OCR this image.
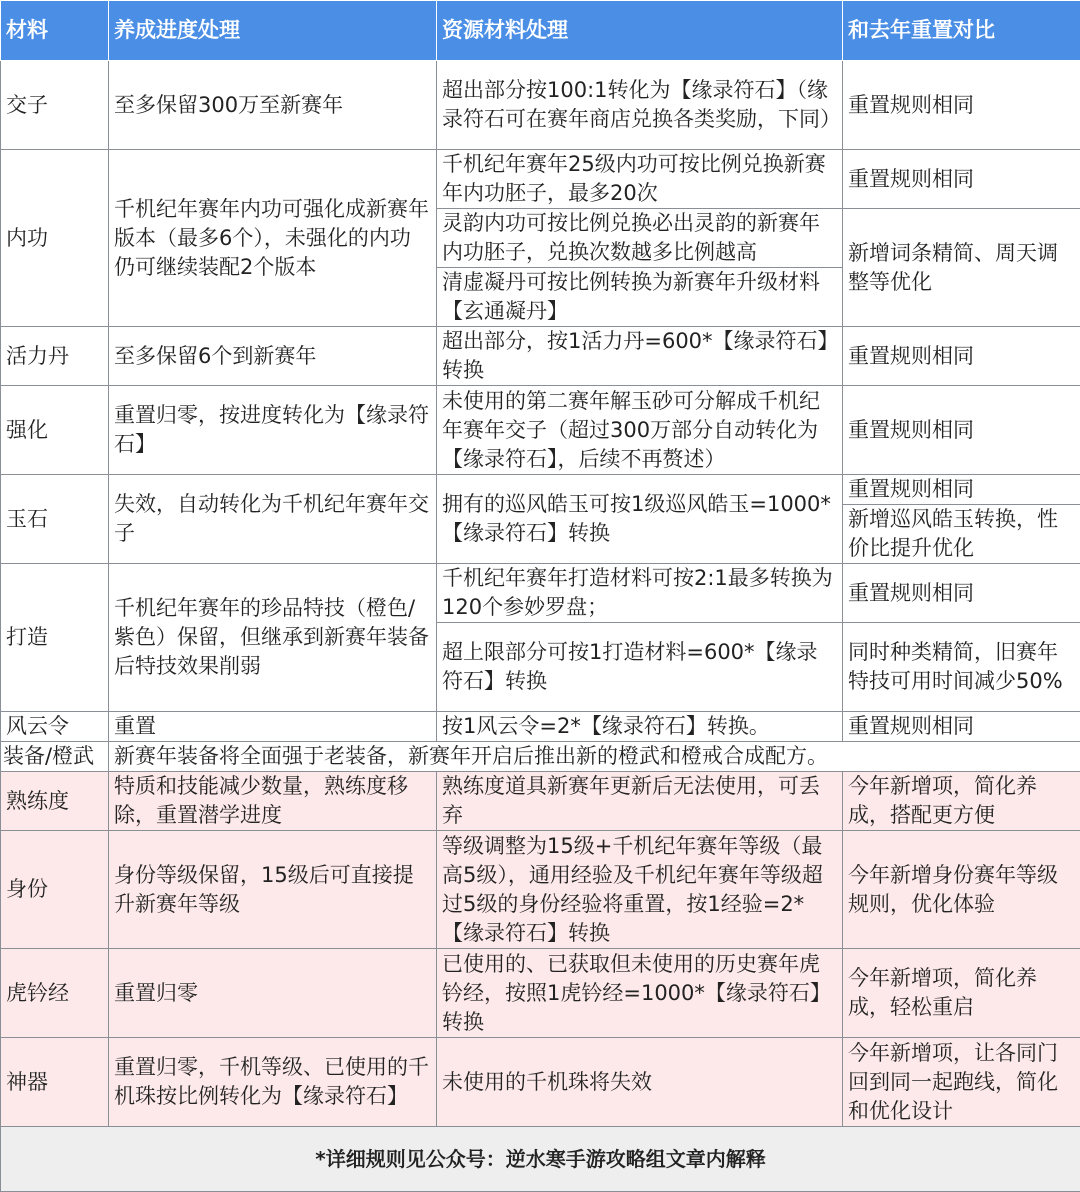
材料	养成进度处理	资源材料处理	和去年重置对比
交子	至多保留300万至新赛年	超出部分按100:1转化为【缘录符石】（缘录符石可在赛年商店兑换各类奖励，下同）	重置规则相同
内功	千机纪年赛年内功可强化成新赛年版本（最多6个），未强化的内功仍可继续装配2个版本	千机纪年赛年25级内功可按比例兑换新赛年内功胚子，最多20次	重置规则相同
		灵韵内功可按比例兑换必出灵韵的新赛年内功胚子，兑换次数越多比例越高	新增词条精简、周天调整等优化
		清虚凝丹可按比例转换为新赛年升级材料【玄通凝丹】	
活力丹	至多保留6个到新赛年	超出部分，按1活力丹=600*【缘录符石】转换	重置规则相同
强化	重置归零，按进度转化为【缘录符石】	未使用的第二赛年解玉砂可分解成千机纪年赛年交子（超过300万部分自动转化为【缘录符石】，后续不再赘述）	重置规则相同
玉石	失效，自动转化为千机纪年赛年交子	拥有的巡风皓玉可按1级巡风皓玉=1000*【缘录符石】转换	重置规则相同
			新增巡风皓玉转换，性价比提升优化
打造	千机纪年赛年的珍品特技（橙色/紫色）保留，但继承到新赛年装备后特技效果削弱	千机纪年赛年打造材料可按2:1最多转换为120个参妙罗盘；	重置规则相同
		超上限部分可按1打造材料=600*【缘录符石】转换	同时种类精简，旧赛年特技可用时间减少50%
风云令	重置	按1风云令=2*【缘录符石】转换。	重置规则相同
装备/橙武	新赛年装备将全面强于老装备，新赛年开启后推出新的橙武和橙戒合成配方。		
熟练度	特质和技能减少数量，熟练度移除，重置潜学进度	熟练度道具新赛年更新后无法使用，可丢弃	今年新增项，简化养成，搭配更方便
身份	身份等级保留，15级后可直接提升新赛年等级	等级调整为15级+千机纪年赛年等级（最高5级），通用经验及千机纪年赛年等级超过5级的身份经验将重置，按1经验=2*【缘录符石】转换	今年新增身份赛年等级规则，优化体验
虎钤经	重置归零	已使用的、已获取但未使用的历史赛年虎钤经，按照1虎钤经=1000*【缘录符石】转换	今年新增项，简化养成，轻松重启
神器	重置归零，千机等级、已使用的千机珠按比例转化为【缘录符石】	未使用的千机珠将失效	今年新增项，让各同门回到同一起跑线，简化和优化设计
*详细规则见公众号：逆水寒手游攻略组文章内解释			
